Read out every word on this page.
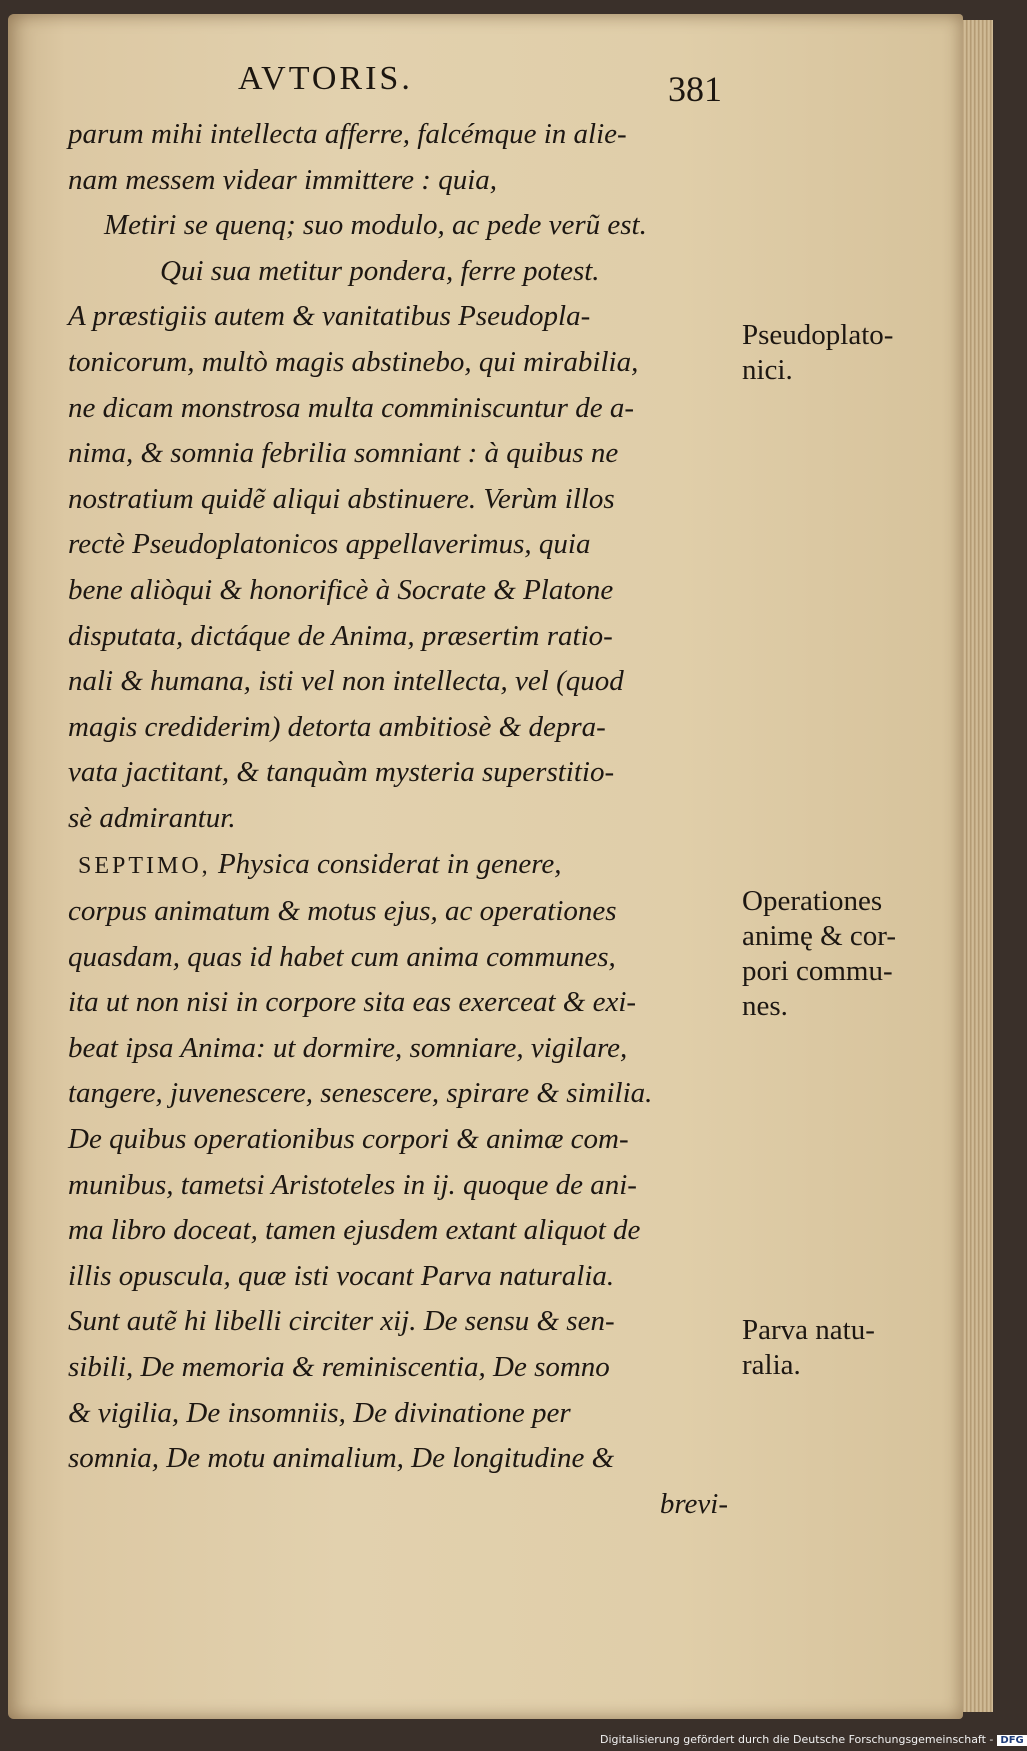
AVTORIS.	381
parum mihi intellecta afferre, falcémque in alie-
nam messem videar immittere : quia,
Metiri se quenq; suo modulo, ac pede verũ est.
Qui sua metitur pondera, ferre potest.
A præstigiis autem & vanitatibus Pseudopla-
tonicorum, multò magis abstinebo, qui mirabilia,
ne dicam monstrosa multa comminiscuntur de a-
nima, & somnia febrilia somniant : à quibus ne
nostratium quidẽ aliqui abstinuere. Verùm illos
rectè Pseudoplatonicos appellaverimus, quia
bene aliòqui & honorificè à Socrate & Platone
disputata, dictáque de Anima, præsertim ratio-
nali & humana, isti vel non intellecta, vel (quod
magis crediderim) detorta ambitiosè & depra-
vata jactitant, & tanquàm mysteria superstitio-
sè admirantur.
SEPTIMO, Physica considerat in genere,
corpus animatum & motus ejus, ac operationes
quasdam, quas id habet cum anima communes,
ita ut non nisi in corpore sita eas exerceat & exi-
beat ipsa Anima: ut dormire, somniare, vigilare,
tangere, juvenescere, senescere, spirare & similia.
De quibus operationibus corpori & animæ com-
munibus, tametsi Aristoteles in ij. quoque de ani-
ma libro doceat, tamen ejusdem extant aliquot de
illis opuscula, quæ isti vocant Parva naturalia.
Sunt autẽ hi libelli circiter xij. De sensu & sen-
sibili, De memoria & reminiscentia, De somno
& vigilia, De insomniis, De divinatione per
somnia, De motu animalium, De longitudine &
brevi-
Pseudoplato-
nici.
Operationes
animę & cor-
pori commu-
nes.
Parva natu-
ralia.
Digitalisierung gefördert durch die Deutsche Forschungsgemeinschaft - DFG
